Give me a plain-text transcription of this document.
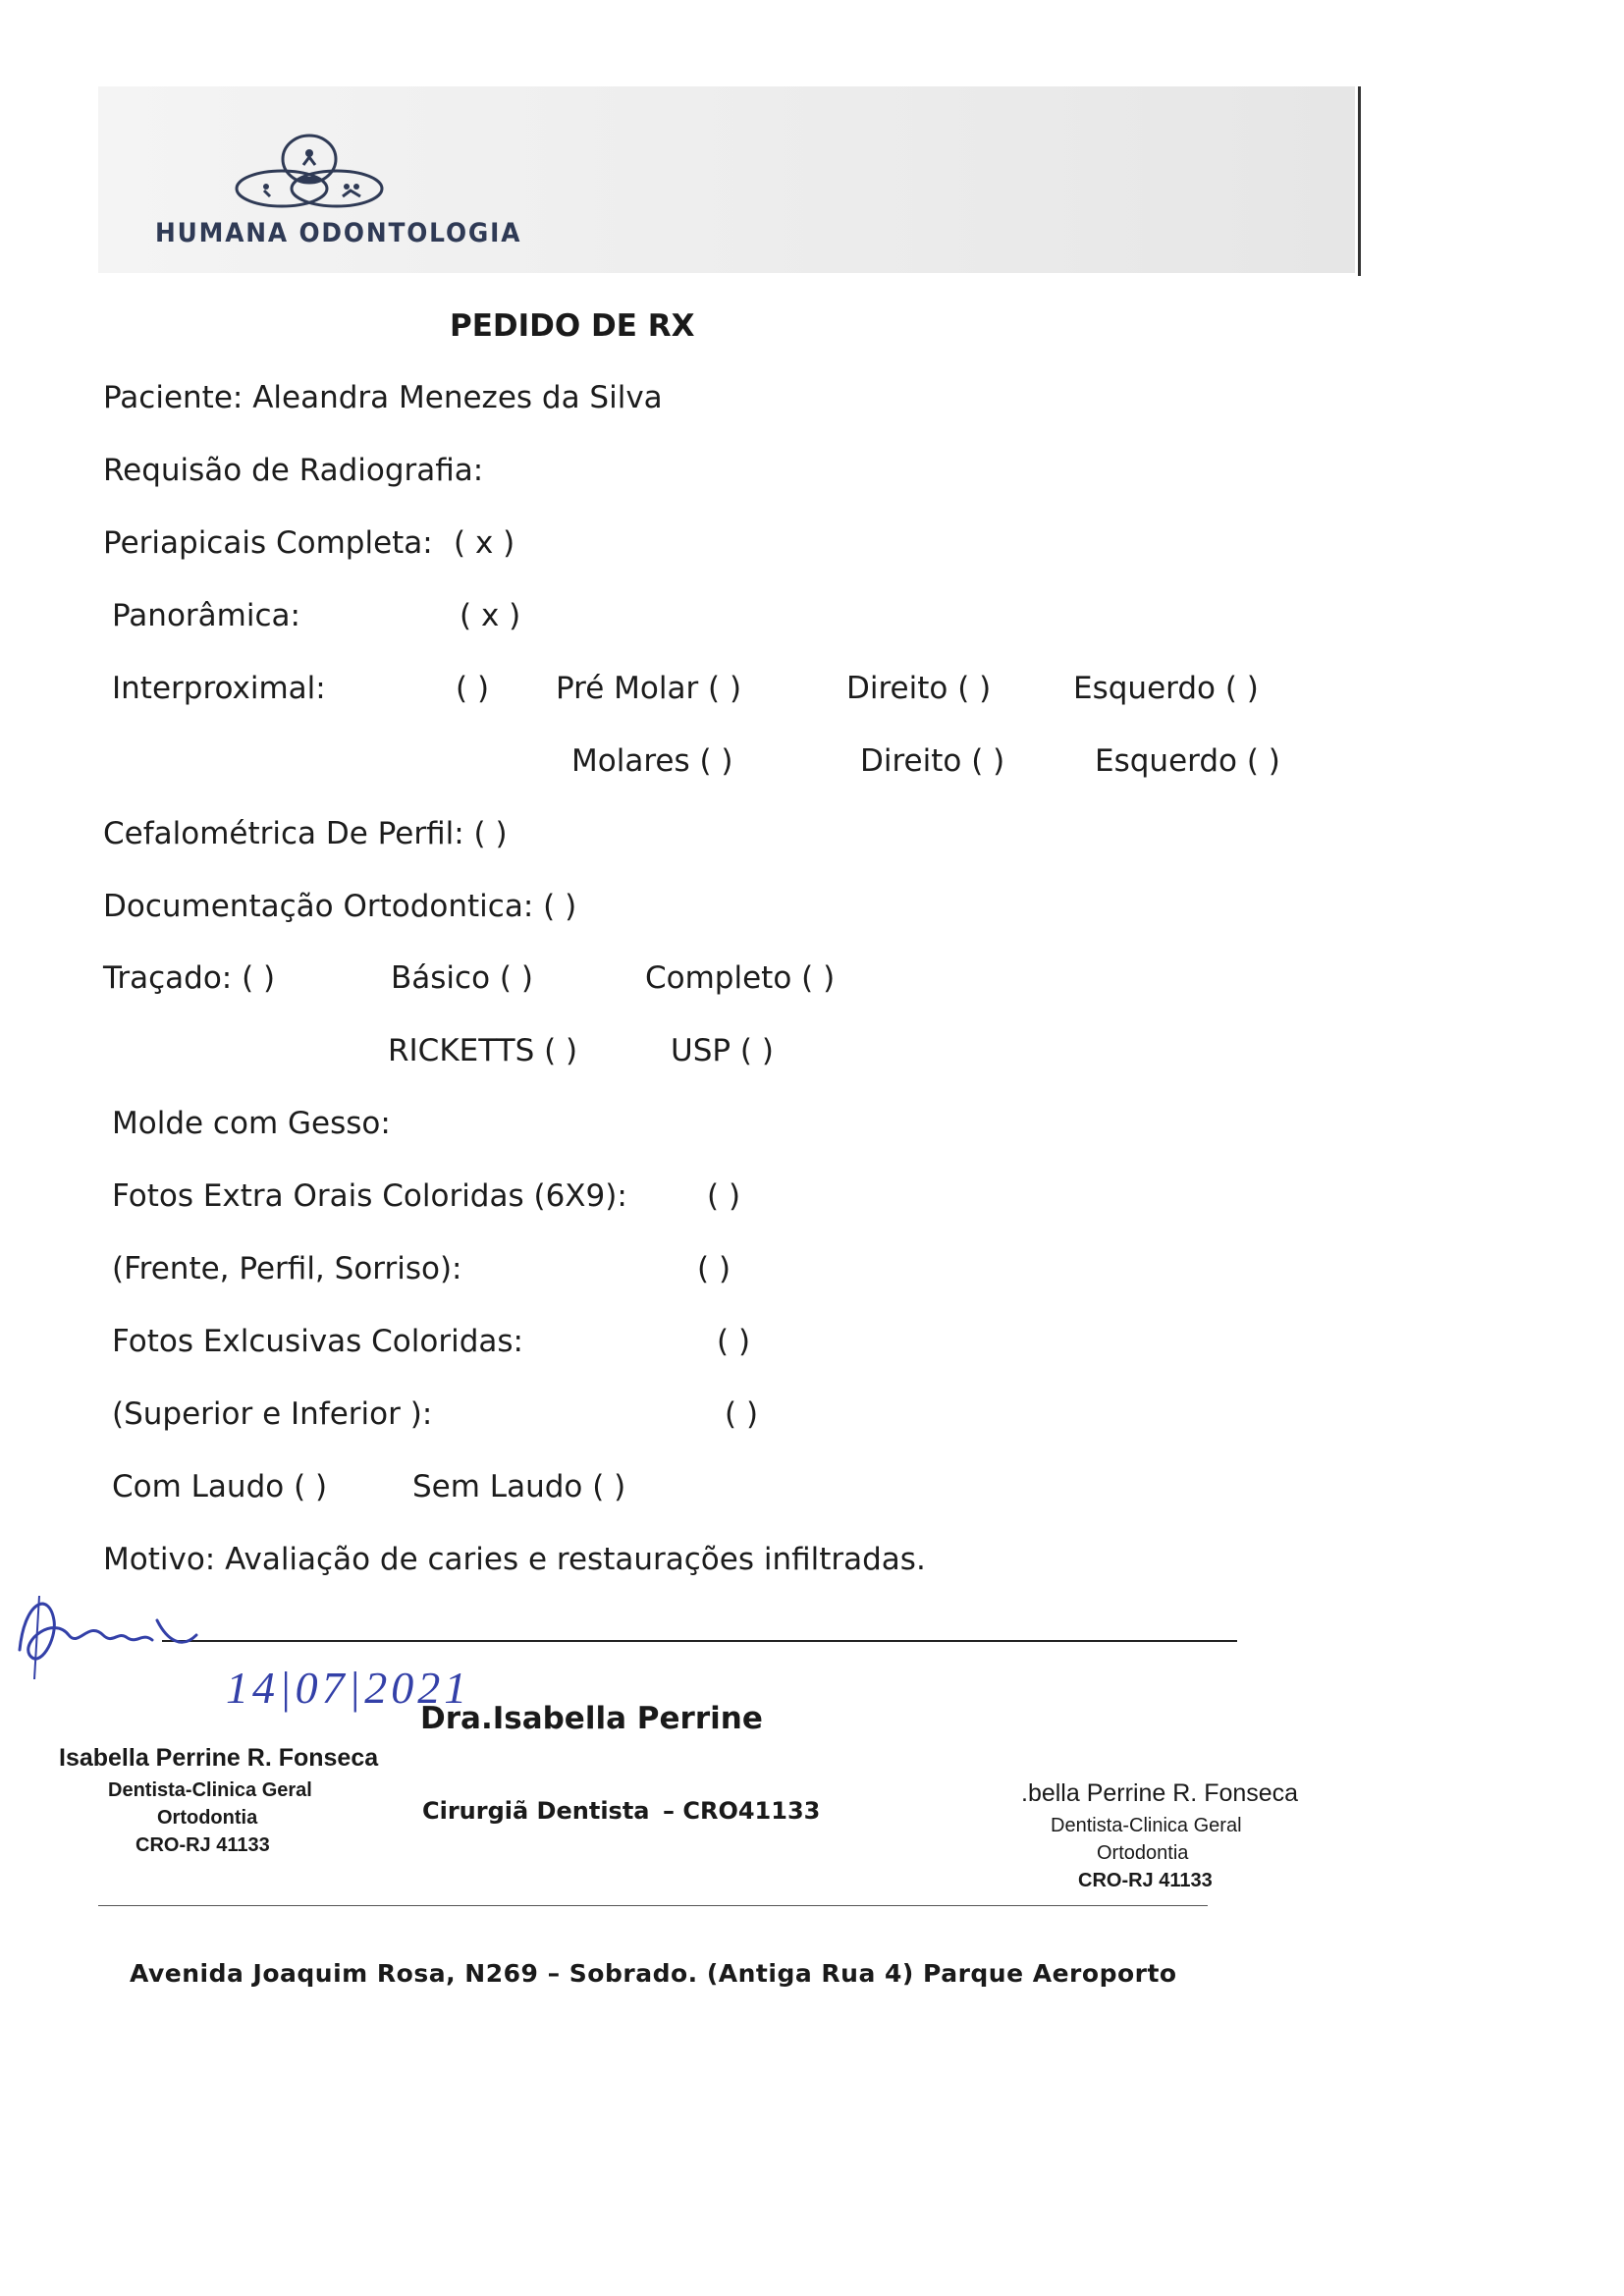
HUMANA ODONTOLOGIA
PEDIDO DE RX
Paciente: Aleandra Menezes da Silva
Requisão de Radiografia:
Periapicais Completa: ( x )
Panorâmica:	( x )
Interproximal:	( ) Pré Molar ( )	Direito ( )	Esquerdo ( )
Molares ( )	Direito ( )	Esquerdo ( )
Cefalométrica De Perfil: ( )
Documentação Ortodontica: ( )
Traçado: ( )	Básico ( )	Completo ( )
RICKETTS ( )	USP ( )
Molde com Gesso:
Fotos Extra Orais Coloridas (6X9):	( )
(Frente, Perfil, Sorriso):	( )
Fotos Exlcusivas Coloridas:	( )
(Superior e Inferior ):	( )
Com Laudo ( )	Sem Laudo ( )
Motivo: Avaliação de caries e restaurações infiltradas.
14|07|2021
Dra.Isabella Perrine
Cirurgiã Dentista – CRO41133
Isabella Perrine R. Fonseca
Dentista-Clinica Geral
Ortodontia
CRO-RJ 41133
.bella Perrine R. Fonseca
Dentista-Clinica Geral
Ortodontia
CRO-RJ 41133
Avenida Joaquim Rosa, N269 – Sobrado. (Antiga Rua 4) Parque Aeroporto
